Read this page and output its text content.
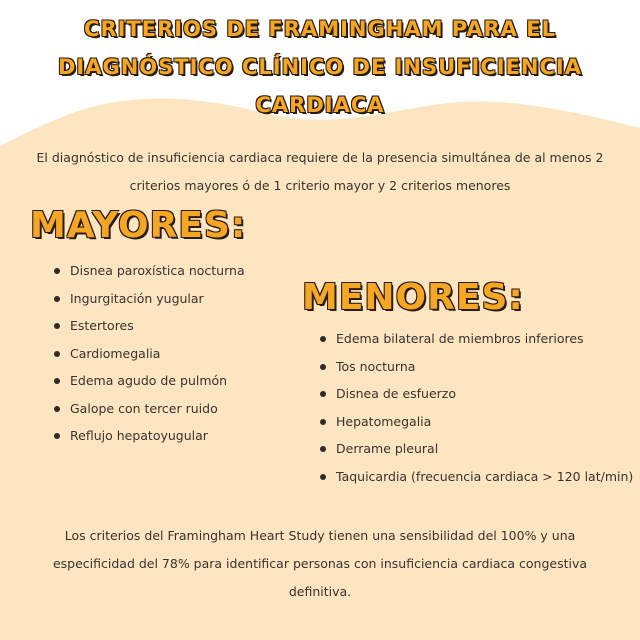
CRITERIOS DE FRAMINGHAM PARA EL DIAGNÓSTICO CLÍNICO DE INSUFICIENCIA CARDIACA

El diagnóstico de insuficiencia cardiaca requiere de la presencia simultánea de al menos 2 criterios mayores ó de 1 criterio mayor y 2 criterios menores

MAYORES:
Disnea paroxística nocturna
Ingurgitación yugular
Estertores
Cardiomegalia
Edema agudo de pulmón
Galope con tercer ruido
Reflujo hepatoyugular
MENORES:
Edema bilateral de miembros inferiores
Tos nocturna
Disnea de esfuerzo
Hepatomegalia
Derrame pleural
Taquicardia (frecuencia cardiaca > 120 lat/min)

Los criterios del Framingham Heart Study tienen una sensibilidad del 100% y una especificidad del 78% para identificar personas con insuficiencia cardiaca congestiva definitiva.
